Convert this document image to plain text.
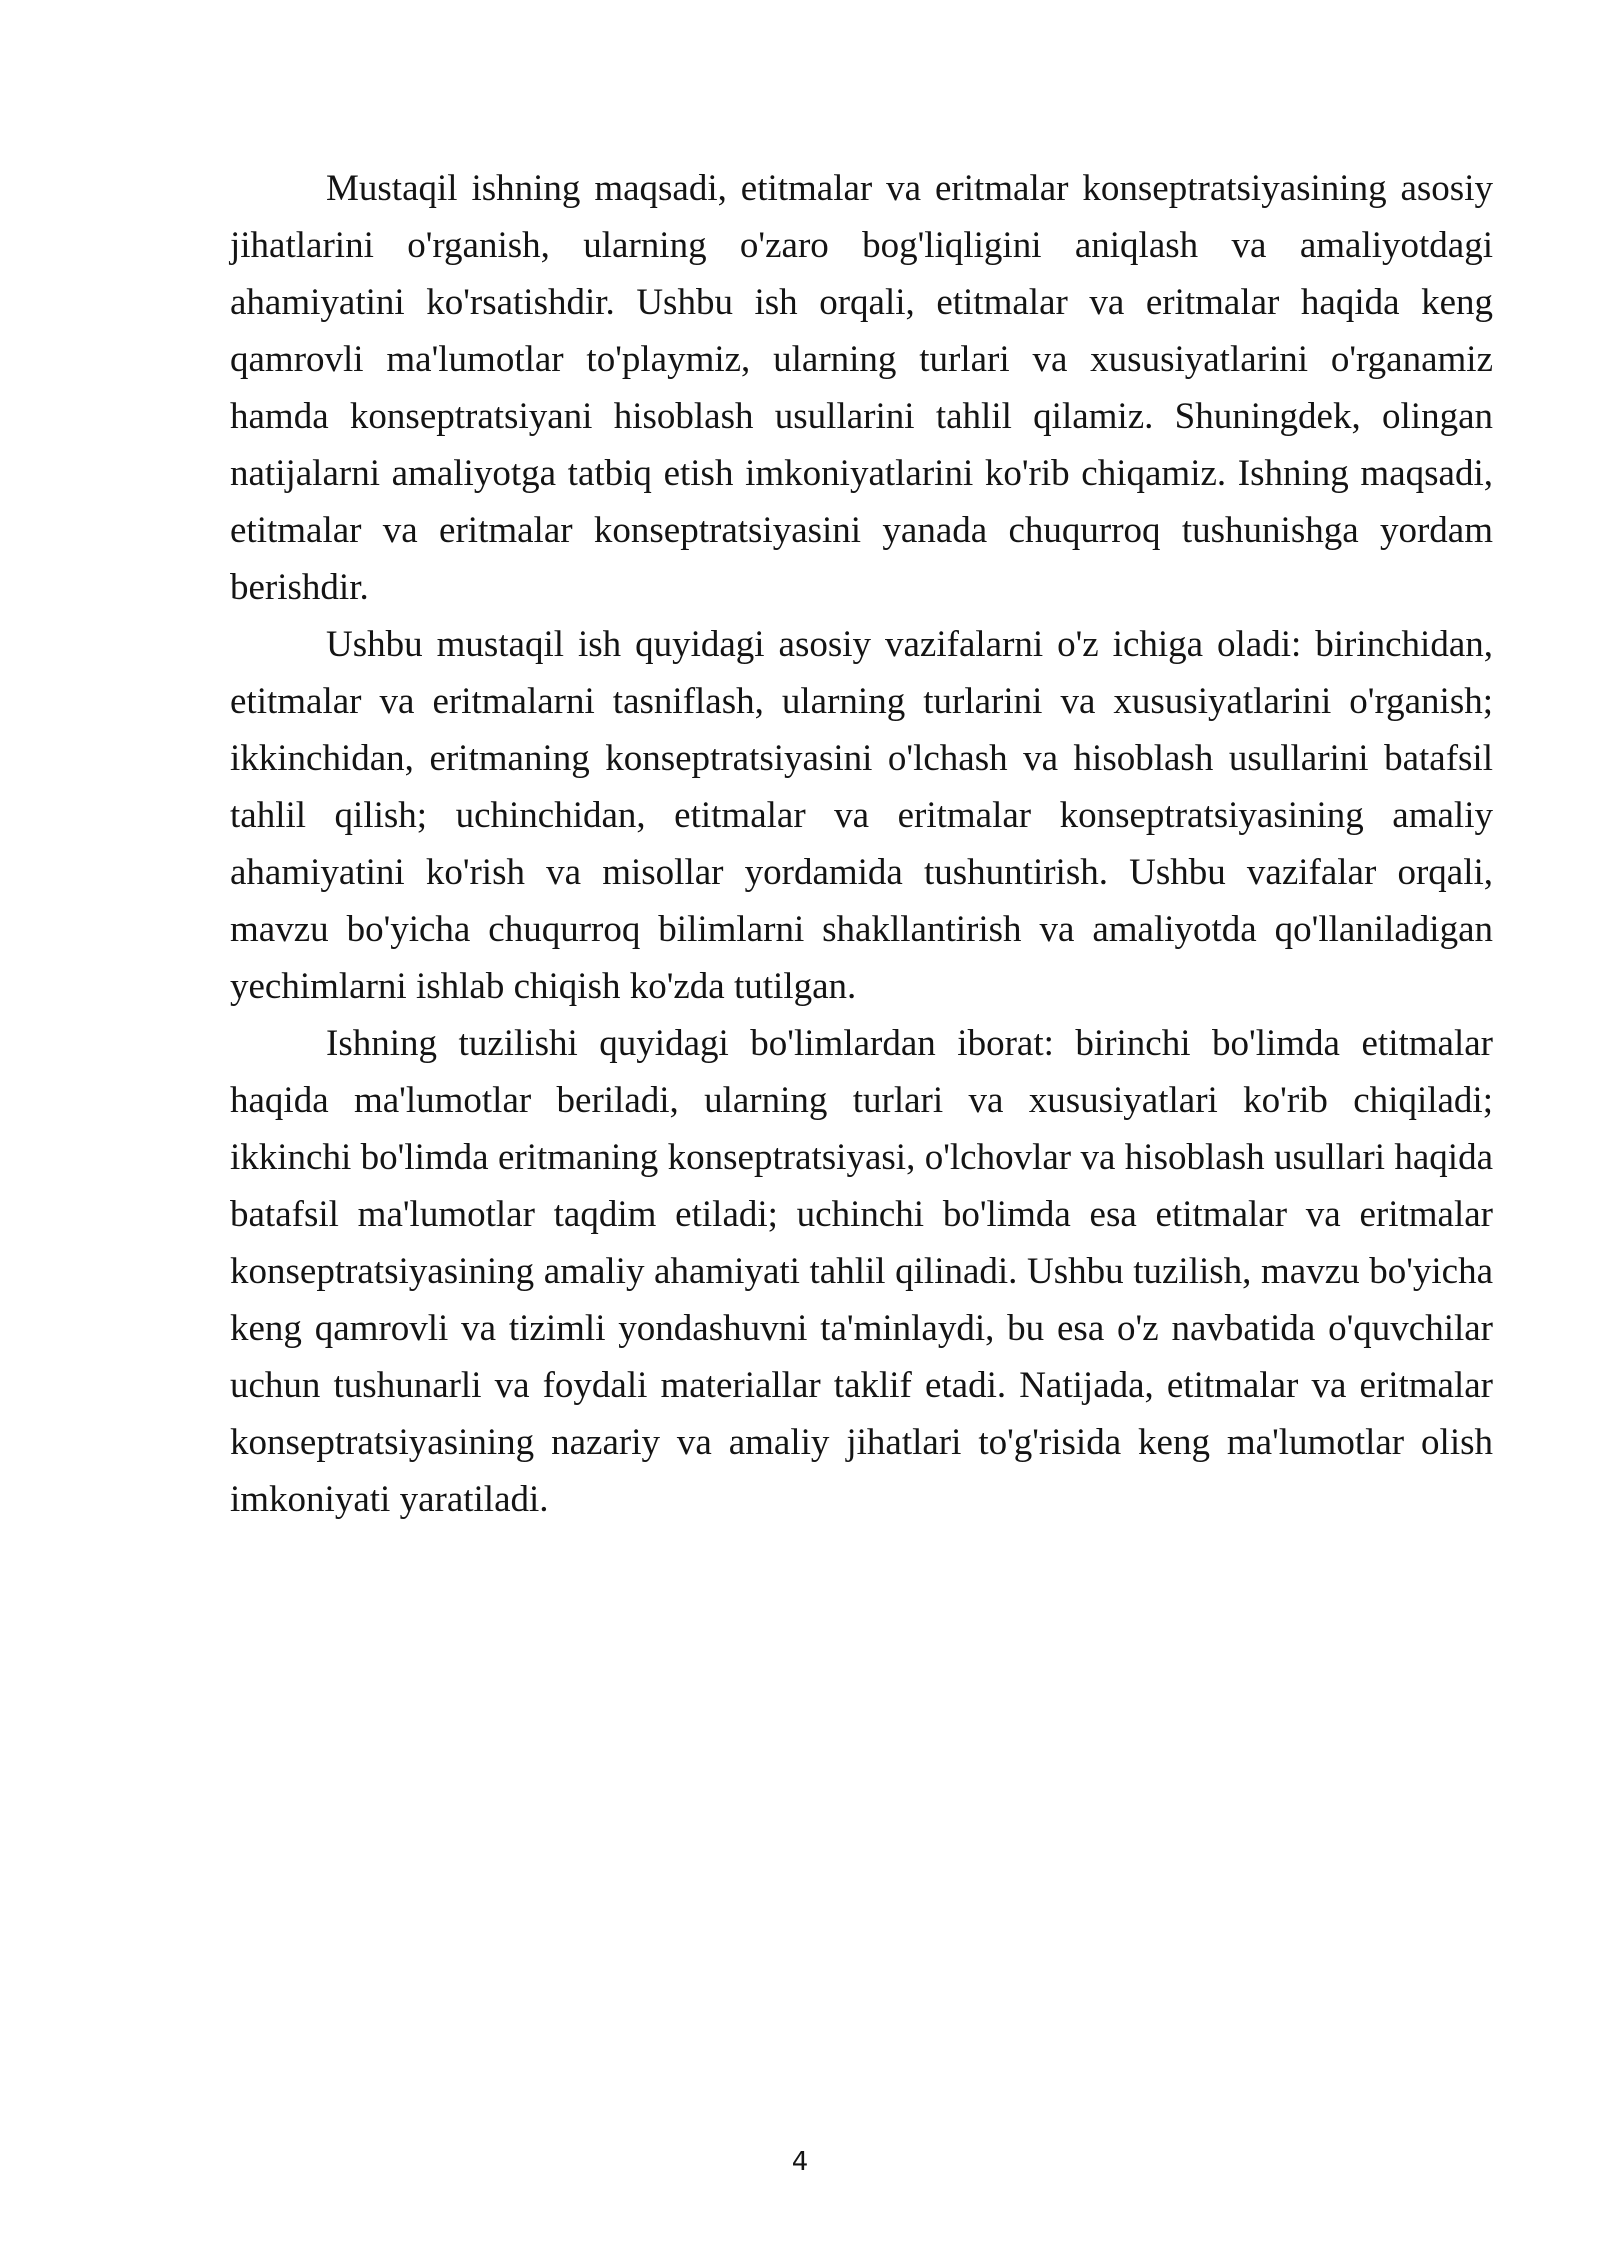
Mustaqil ishning maqsadi, etitmalar va eritmalar konseptratsiyasining asosiy jihatlarini o'rganish, ularning o'zaro bog'liqligini aniqlash va amaliyotdagi ahamiyatini ko'rsatishdir. Ushbu ish orqali, etitmalar va eritmalar haqida keng qamrovli ma'lumotlar to'playmiz, ularning turlari va xususiyatlarini o'rganamiz hamda konseptratsiyani hisoblash usullarini tahlil qilamiz. Shuningdek, olingan natijalarni amaliyotga tatbiq etish imkoniyatlarini ko'rib chiqamiz. Ishning maqsadi, etitmalar va eritmalar konseptratsiyasini yanada chuqurroq tushunishga yordam berishdir.

Ushbu mustaqil ish quyidagi asosiy vazifalarni o'z ichiga oladi: birinchidan, etitmalar va eritmalarni tasniflash, ularning turlarini va xususiyatlarini o'rganish; ikkinchidan, eritmaning konseptratsiyasini o'lchash va hisoblash usullarini batafsil tahlil qilish; uchinchidan, etitmalar va eritmalar konseptratsiyasining amaliy ahamiyatini ko'rish va misollar yordamida tushuntirish. Ushbu vazifalar orqali, mavzu bo'yicha chuqurroq bilimlarni shakllantirish va amaliyotda qo'llaniladigan yechimlarni ishlab chiqish ko'zda tutilgan.

Ishning tuzilishi quyidagi bo'limlardan iborat: birinchi bo'limda etitmalar haqida ma'lumotlar beriladi, ularning turlari va xususiyatlari ko'rib chiqiladi; ikkinchi bo'limda eritmaning konseptratsiyasi, o'lchovlar va hisoblash usullari haqida batafsil ma'lumotlar taqdim etiladi; uchinchi bo'limda esa etitmalar va eritmalar konseptratsiyasining amaliy ahamiyati tahlil qilinadi. Ushbu tuzilish, mavzu bo'yicha keng qamrovli va tizimli yondashuvni ta'minlaydi, bu esa o'z navbatida o'quvchilar uchun tushunarli va foydali materiallar taklif etadi. Natijada, etitmalar va eritmalar konseptratsiyasining nazariy va amaliy jihatlari to'g'risida keng ma'lumotlar olish imkoniyati yaratiladi.

4
